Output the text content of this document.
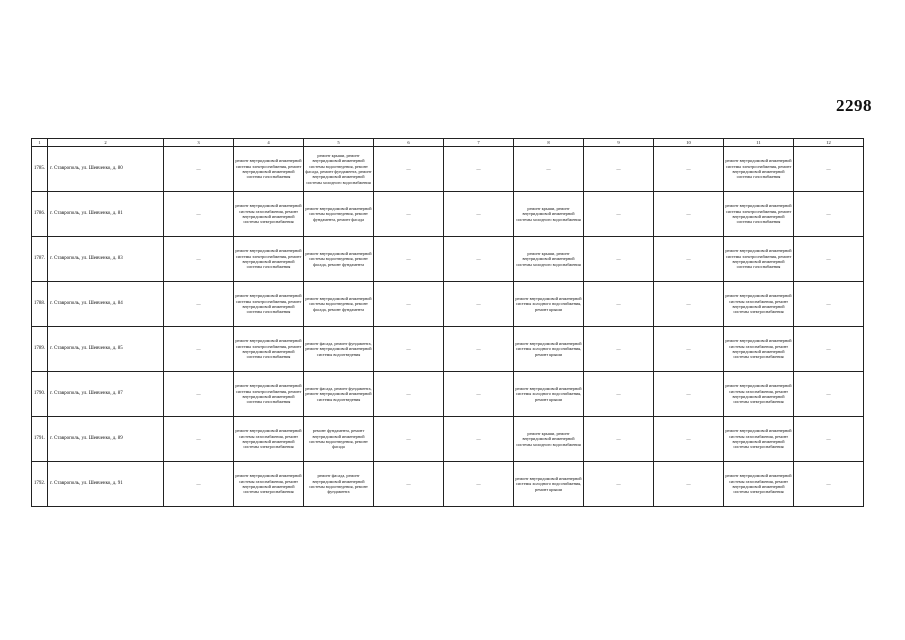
2298
1	2	3	4	5	6	7	8	9	10	11	12
1785.	г. Ставрополь, ул. Шевченко, д. 80	—	ремонт внутридомовой инженерной системы электроснабжения, ремонт внутридомовой инженерной системы газоснабжения	ремонт крыши, ремонт внутридомовой инженерной системы водоотведения, ремонт фасада, ремонт фундамента, ремонт внутридомовой инженерной системы холодного водоснабжения	—	—	—	—	—	ремонт внутридомовой инженерной системы электроснабжения, ремонт внутридомовой инженерной системы газоснабжения	—
1786.	г. Ставрополь, ул. Шевченко, д. 81	—	ремонт внутридомовой инженерной системы газоснабжения, ремонт внутридомовой инженерной системы электроснабжения	ремонт внутридомовой инженерной системы водоотведения, ремонт фундамента, ремонт фасада	—	—	ремонт крыши, ремонт внутридомовой инженерной системы холодного водоснабжения	—	—	ремонт внутридомовой инженерной системы электроснабжения, ремонт внутридомовой инженерной системы газоснабжения	—
1787.	г. Ставрополь, ул. Шевченко, д. 83	—	ремонт внутридомовой инженерной системы электроснабжения, ремонт внутридомовой инженерной системы газоснабжения	ремонт внутридомовой инженерной системы водоотведения, ремонт фасада, ремонт фундамента	—	—	ремонт крыши, ремонт внутридомовой инженерной системы холодного водоснабжения	—	—	ремонт внутридомовой инженерной системы электроснабжения, ремонт внутридомовой инженерной системы газоснабжения	—
1788.	г. Ставрополь, ул. Шевченко, д. 84	—	ремонт внутридомовой инженерной системы электроснабжения, ремонт внутридомовой инженерной системы газоснабжения	ремонт внутридомовой инженерной системы водоотведения, ремонт фасада, ремонт фундамента	—	—	ремонт внутридомовой инженерной системы холодного водоснабжения, ремонт крыши	—	—	ремонт внутридомовой инженерной системы газоснабжения, ремонт внутридомовой инженерной системы электроснабжения	—
1789.	г. Ставрополь, ул. Шевченко, д. 85	—	ремонт внутридомовой инженерной системы электроснабжения, ремонт внутридомовой инженерной системы газоснабжения	ремонт фасада, ремонт фундамента, ремонт внутридомовой инженерной системы водоотведения	—	—	ремонт внутридомовой инженерной системы холодного водоснабжения, ремонт крыши	—	—	ремонт внутридомовой инженерной системы газоснабжения, ремонт внутридомовой инженерной системы электроснабжения	—
1790.	г. Ставрополь, ул. Шевченко, д. 87	—	ремонт внутридомовой инженерной системы электроснабжения, ремонт внутридомовой инженерной системы газоснабжения	ремонт фасада, ремонт фундамента, ремонт внутридомовой инженерной системы водоотведения	—	—	ремонт внутридомовой инженерной системы холодного водоснабжения, ремонт крыши	—	—	ремонт внутридомовой инженерной системы газоснабжения, ремонт внутридомовой инженерной системы электроснабжения	—
1791.	г. Ставрополь, ул. Шевченко, д. 89	—	ремонт внутридомовой инженерной системы газоснабжения, ремонт внутридомовой инженерной системы электроснабжения	ремонт фундамента, ремонт внутридомовой инженерной системы водоотведения, ремонт фасада	—	—	ремонт крыши, ремонт внутридомовой инженерной системы холодного водоснабжения	—	—	ремонт внутридомовой инженерной системы газоснабжения, ремонт внутридомовой инженерной системы электроснабжения	—
1792.	г. Ставрополь, ул. Шевченко, д. 91	—	ремонт внутридомовой инженерной системы газоснабжения, ремонт внутридомовой инженерной системы электроснабжения	ремонт фасада, ремонт внутридомовой инженерной системы водоотведения, ремонт фундамента	—	—	ремонт внутридомовой инженерной системы холодного водоснабжения, ремонт крыши	—	—	ремонт внутридомовой инженерной системы газоснабжения, ремонт внутридомовой инженерной системы электроснабжения	—
